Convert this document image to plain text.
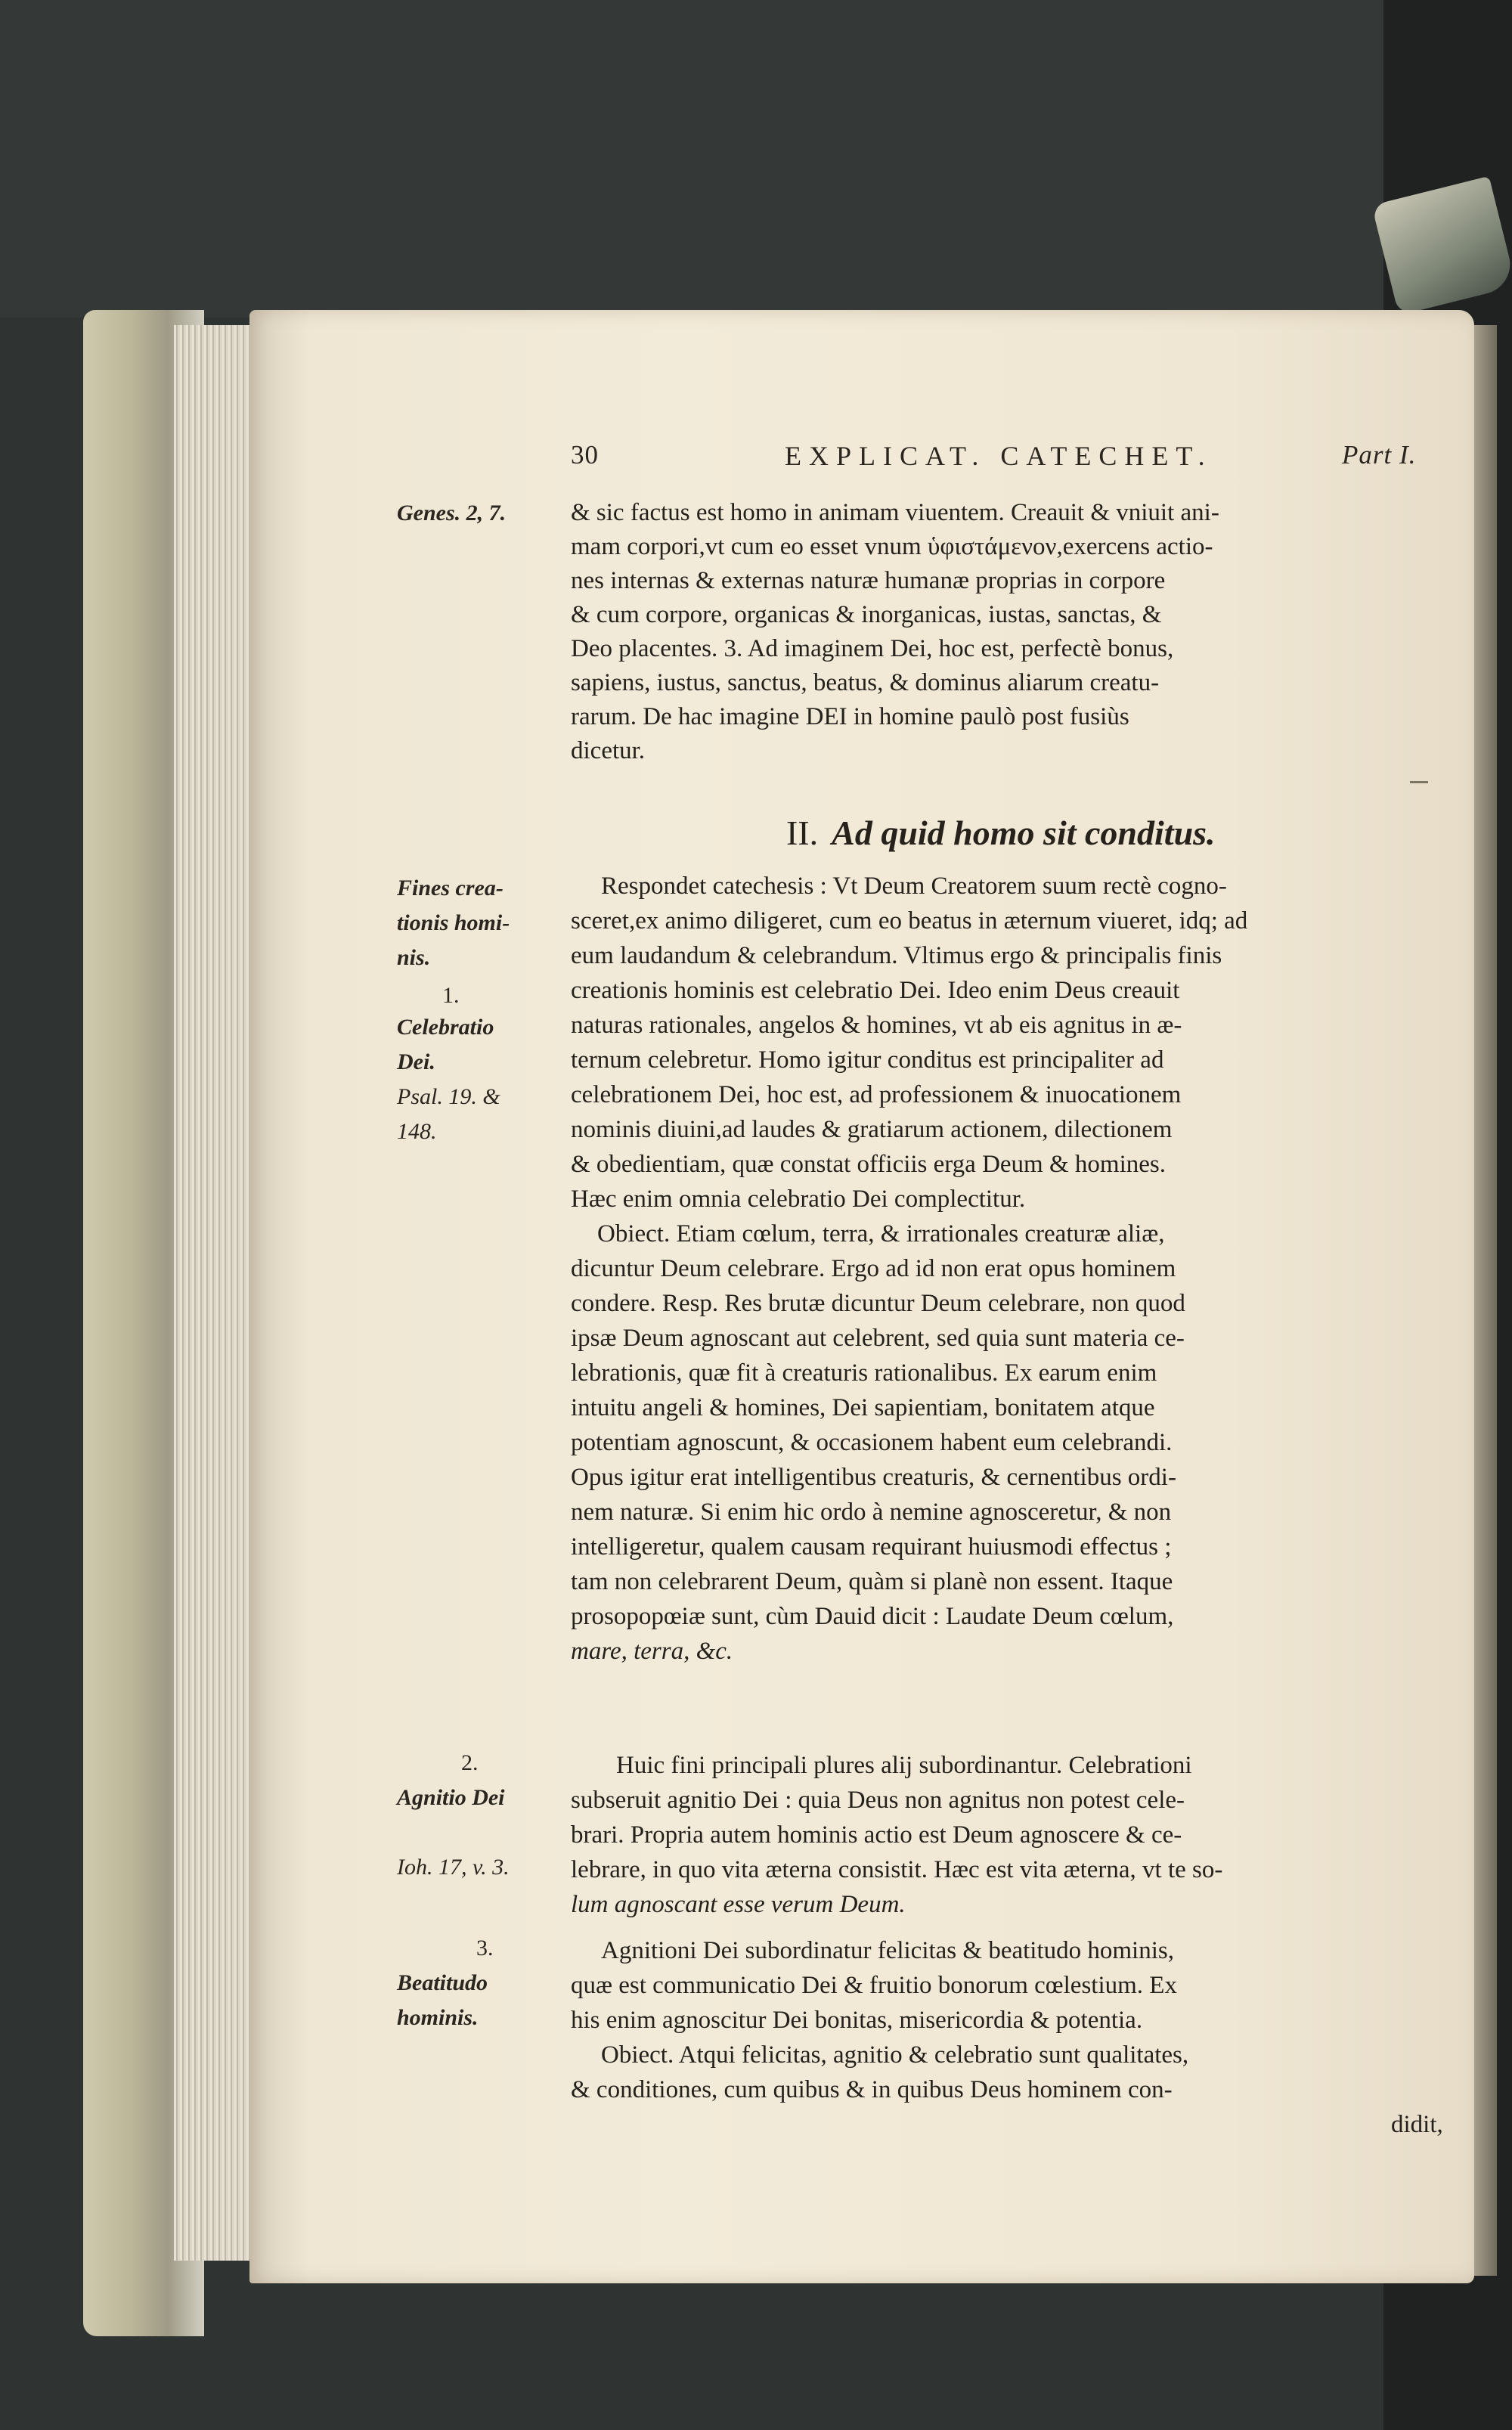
30	EXPLICAT. CATECHET.	Part I.
& sic factus est homo in animam viuentem. Creauit & vniuit ani-
mam corpori,vt cum eo esset vnum ὑφιστάμενον,exercens actio-
nes internas & externas naturæ humanæ proprias in corpore
& cum corpore, organicas & inorganicas, iustas, sanctas, &
Deo placentes. 3. Ad imaginem Dei, hoc est, perfectè bonus,
sapiens, iustus, sanctus, beatus, & dominus aliarum creatu-
rarum. De hac imagine DEI in homine paulò post fusiùs
dicetur.
II. Ad quid homo sit conditus.
Respondet catechesis : Vt Deum Creatorem suum rectè cogno-
sceret,ex animo diligeret, cum eo beatus in æternum viueret, idq; ad
eum laudandum & celebrandum. Vltimus ergo & principalis finis
creationis hominis est celebratio Dei. Ideo enim Deus creauit
naturas rationales, angelos & homines, vt ab eis agnitus in æ-
ternum celebretur. Homo igitur conditus est principaliter ad
celebrationem Dei, hoc est, ad professionem & inuocationem
nominis diuini,ad laudes & gratiarum actionem, dilectionem
& obedientiam, quæ constat officiis erga Deum & homines.
Hæc enim omnia celebratio Dei complectitur.
Obiect. Etiam cœlum, terra, & irrationales creaturæ aliæ,
dicuntur Deum celebrare. Ergo ad id non erat opus hominem
condere. Resp. Res brutæ dicuntur Deum celebrare, non quod
ipsæ Deum agnoscant aut celebrent, sed quia sunt materia ce-
lebrationis, quæ fit à creaturis rationalibus. Ex earum enim
intuitu angeli & homines, Dei sapientiam, bonitatem atque
potentiam agnoscunt, & occasionem habent eum celebrandi.
Opus igitur erat intelligentibus creaturis, & cernentibus ordi-
nem naturæ. Si enim hic ordo à nemine agnosceretur, & non
intelligeretur, qualem causam requirant huiusmodi effectus ;
tam non celebrarent Deum, quàm si planè non essent. Itaque
prosopopœiæ sunt, cùm Dauid dicit : Laudate Deum cœlum,
mare, terra, &c.
Huic fini principali plures alij subordinantur. Celebrationi
subseruit agnitio Dei : quia Deus non agnitus non potest cele-
brari. Propria autem hominis actio est Deum agnoscere & ce-
lebrare, in quo vita æterna consistit. Hæc est vita æterna, vt te so-
lum agnoscant esse verum Deum.
Agnitioni Dei subordinatur felicitas & beatitudo hominis,
quæ est communicatio Dei & fruitio bonorum cœlestium. Ex
his enim agnoscitur Dei bonitas, misericordia & potentia.
Obiect. Atqui felicitas, agnitio & celebratio sunt qualitates,
& conditiones, cum quibus & in quibus Deus hominem con-
didit,
Genes. 2, 7.
Fines crea-
tionis homi-
nis.
1.
Celebratio
Dei.
Psal. 19. &
148.
2.
Agnitio Dei
Ioh. 17, v. 3.
3.
Beatitudo
hominis.
